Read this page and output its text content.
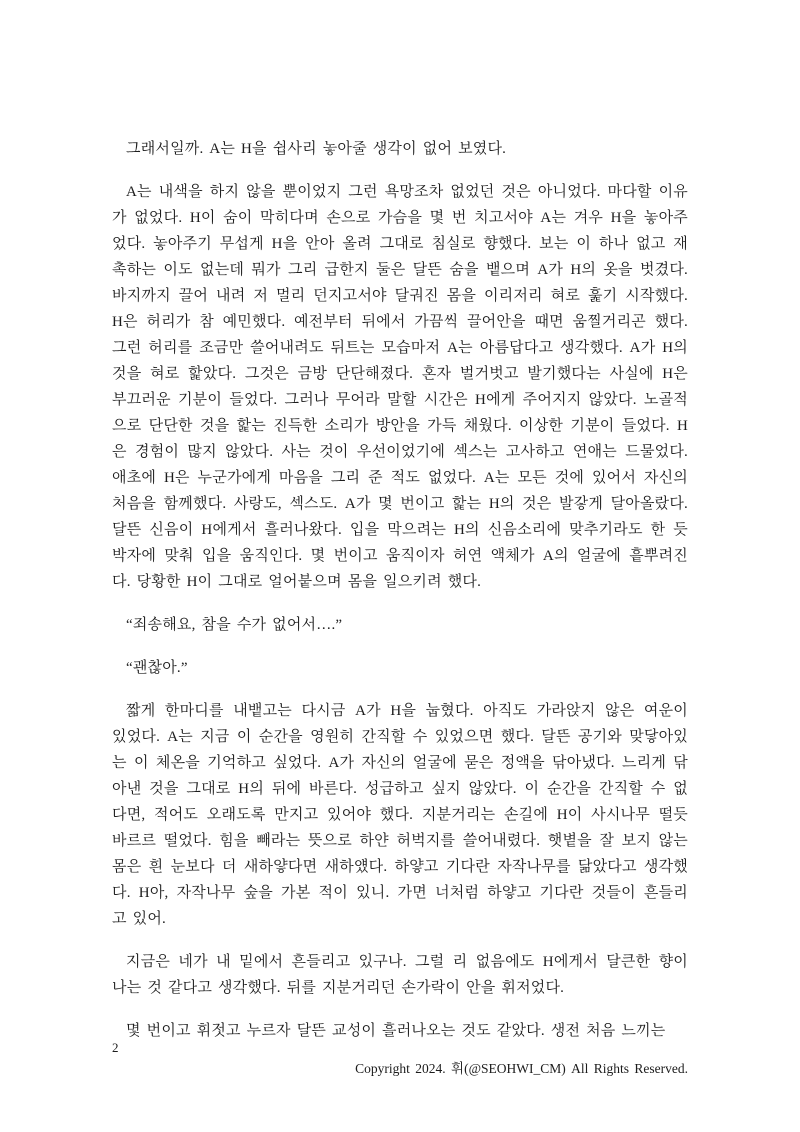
그래서일까. A는 H을 쉽사리 놓아줄 생각이 없어 보였다.

A는 내색을 하지 않을 뿐이었지 그런 욕망조차 없었던 것은 아니었다. 마다할 이유
가 없었다. H이 숨이 막히다며 손으로 가슴을 몇 번 치고서야 A는 겨우 H을 놓아주
었다. 놓아주기 무섭게 H을 안아 올려 그대로 침실로 향했다. 보는 이 하나 없고 재
촉하는 이도 없는데 뭐가 그리 급한지 둘은 달뜬 숨을 뱉으며 A가 H의 옷을 벗겼다.
바지까지 끌어 내려 저 멀리 던지고서야 달궈진 몸을 이리저리 혀로 훑기 시작했다.
H은 허리가 참 예민했다. 예전부터 뒤에서 가끔씩 끌어안을 때면 움찔거리곤 했다.
그런 허리를 조금만 쓸어내려도 뒤트는 모습마저 A는 아름답다고 생각했다. A가 H의
것을 혀로 핥았다. 그것은 금방 단단해졌다. 혼자 벌거벗고 발기했다는 사실에 H은
부끄러운 기분이 들었다. 그러나 무어라 말할 시간은 H에게 주어지지 않았다. 노골적
으로 단단한 것을 핥는 진득한 소리가 방안을 가득 채웠다. 이상한 기분이 들었다. H
은 경험이 많지 않았다. 사는 것이 우선이었기에 섹스는 고사하고 연애는 드물었다.
애초에 H은 누군가에게 마음을 그리 준 적도 없었다. A는 모든 것에 있어서 자신의
처음을 함께했다. 사랑도, 섹스도. A가 몇 번이고 핥는 H의 것은 발갛게 달아올랐다.
달뜬 신음이 H에게서 흘러나왔다. 입을 막으려는 H의 신음소리에 맞추기라도 한 듯
박자에 맞춰 입을 움직인다. 몇 번이고 움직이자 허연 액체가 A의 얼굴에 흩뿌려진
다. 당황한 H이 그대로 얼어붙으며 몸을 일으키려 했다.

“죄송해요, 참을 수가 없어서….”

“괜찮아.”

짧게 한마디를 내뱉고는 다시금 A가 H을 눕혔다. 아직도 가라앉지 않은 여운이
있었다. A는 지금 이 순간을 영원히 간직할 수 있었으면 했다. 달뜬 공기와 맞닿아있
는 이 체온을 기억하고 싶었다. A가 자신의 얼굴에 묻은 정액을 닦아냈다. 느리게 닦
아낸 것을 그대로 H의 뒤에 바른다. 성급하고 싶지 않았다. 이 순간을 간직할 수 없
다면, 적어도 오래도록 만지고 있어야 했다. 지분거리는 손길에 H이 사시나무 떨듯
바르르 떨었다. 힘을 빼라는 뜻으로 하얀 허벅지를 쓸어내렸다. 햇볕을 잘 보지 않는
몸은 흰 눈보다 더 새하얗다면 새하얬다. 하얗고 기다란 자작나무를 닮았다고 생각했
다. H아, 자작나무 숲을 가본 적이 있니. 가면 너처럼 하얗고 기다란 것들이 흔들리
고 있어.

지금은 네가 내 밑에서 흔들리고 있구나. 그럴 리 없음에도 H에게서 달큰한 향이
나는 것 같다고 생각했다. 뒤를 지분거리던 손가락이 안을 휘저었다.

몇 번이고 휘젓고 누르자 달뜬 교성이 흘러나오는 것도 같았다. 생전 처음 느끼는

2
Copyright 2024. 휘(@SEOHWI_CM) All Rights Reserved.
